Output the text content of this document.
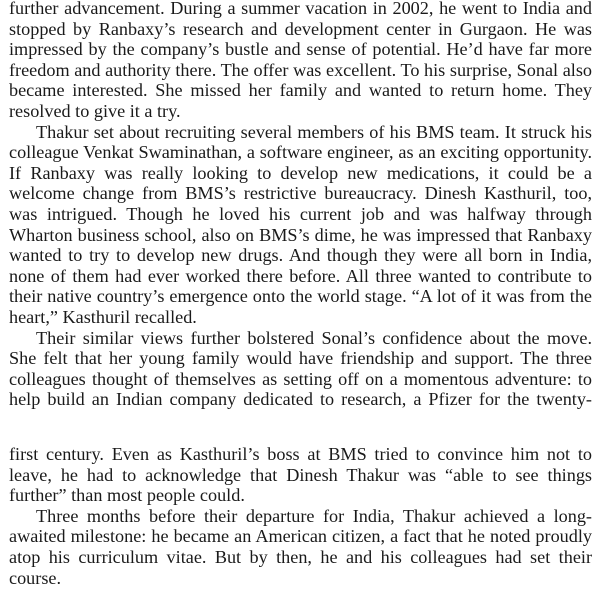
further advancement. During a summer vacation in 2002, he went to India and stopped by Ranbaxy’s research and development center in Gurgaon. He was impressed by the company’s bustle and sense of potential. He’d have far more freedom and authority there. The offer was excellent. To his surprise, Sonal also became interested. She missed her family and wanted to return home. They resolved to give it a try.

Thakur set about recruiting several members of his BMS team. It struck his colleague Venkat Swaminathan, a software engineer, as an exciting opportunity. If Ranbaxy was really looking to develop new medications, it could be a welcome change from BMS’s restrictive bureaucracy. Dinesh Kasthuril, too, was intrigued. Though he loved his current job and was halfway through Wharton business school, also on BMS’s dime, he was impressed that Ranbaxy wanted to try to develop new drugs. And though they were all born in India, none of them had ever worked there before. All three wanted to contribute to their native country’s emergence onto the world stage. “A lot of it was from the heart,” Kasthuril recalled.

Their similar views further bolstered Sonal’s confidence about the move. She felt that her young family would have friendship and support. The three colleagues thought of themselves as setting off on a momentous adventure: to help build an Indian company dedicated to research, a Pfizer for the twenty-

first century. Even as Kasthuril’s boss at BMS tried to convince him not to leave, he had to acknowledge that Dinesh Thakur was “able to see things further” than most people could.

Three months before their departure for India, Thakur achieved a long-awaited milestone: he became an American citizen, a fact that he noted proudly atop his curriculum vitae. But by then, he and his colleagues had set their course.
